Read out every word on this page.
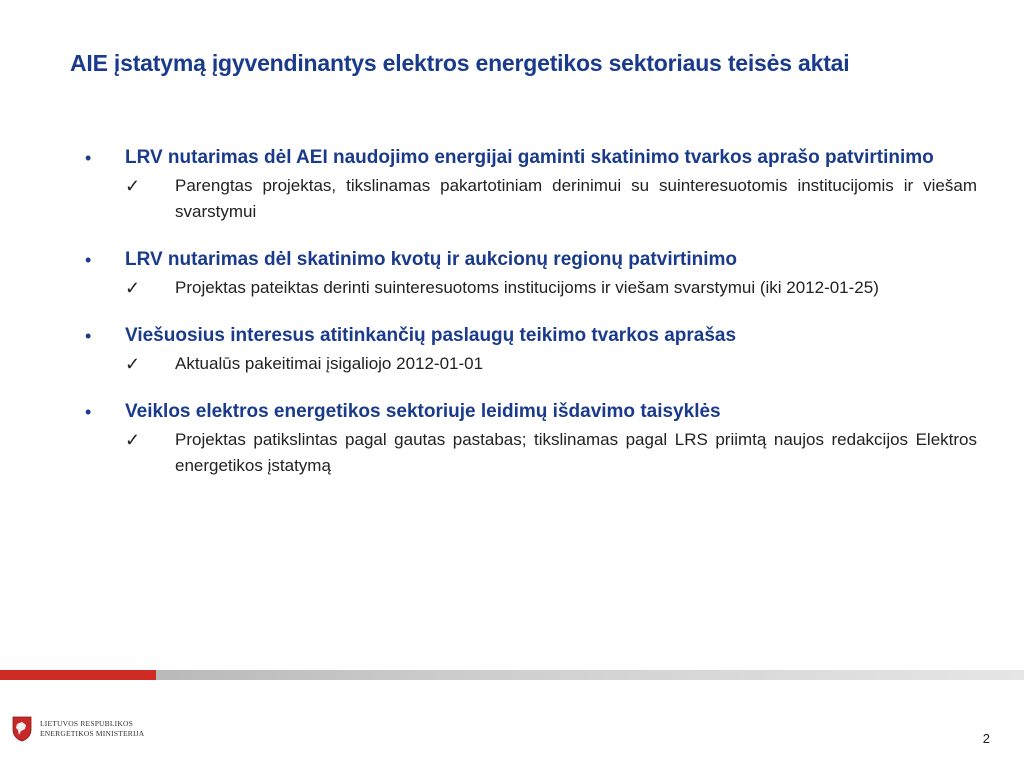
AIE įstatymą įgyvendinantys elektros energetikos sektoriaus teisės aktai
•	LRV nutarimas dėl AEI naudojimo energijai gaminti skatinimo tvarkos aprašo patvirtinimo
✓	Parengtas projektas, tikslinamas pakartotiniam derinimui su suinteresuotomis institucijomis ir viešam svarstymui
•	LRV nutarimas dėl skatinimo kvotų ir aukcionų regionų patvirtinimo
✓	Projektas pateiktas derinti suinteresuotoms institucijoms ir viešam svarstymui (iki 2012-01-25)
•	Viešuosius interesus atitinkančių paslaugų teikimo tvarkos aprašas
✓	Aktualūs pakeitimai įsigaliojo 2012-01-01
•	Veiklos elektros energetikos sektoriuje leidimų išdavimo taisyklės
✓	Projektas patikslintas pagal gautas pastabas; tikslinamas pagal LRS priimtą naujos redakcijos Elektros energetikos įstatymą
LIETUVOS RESPUBLIKOS
ENERGETIKOS MINISTERIJA	2
